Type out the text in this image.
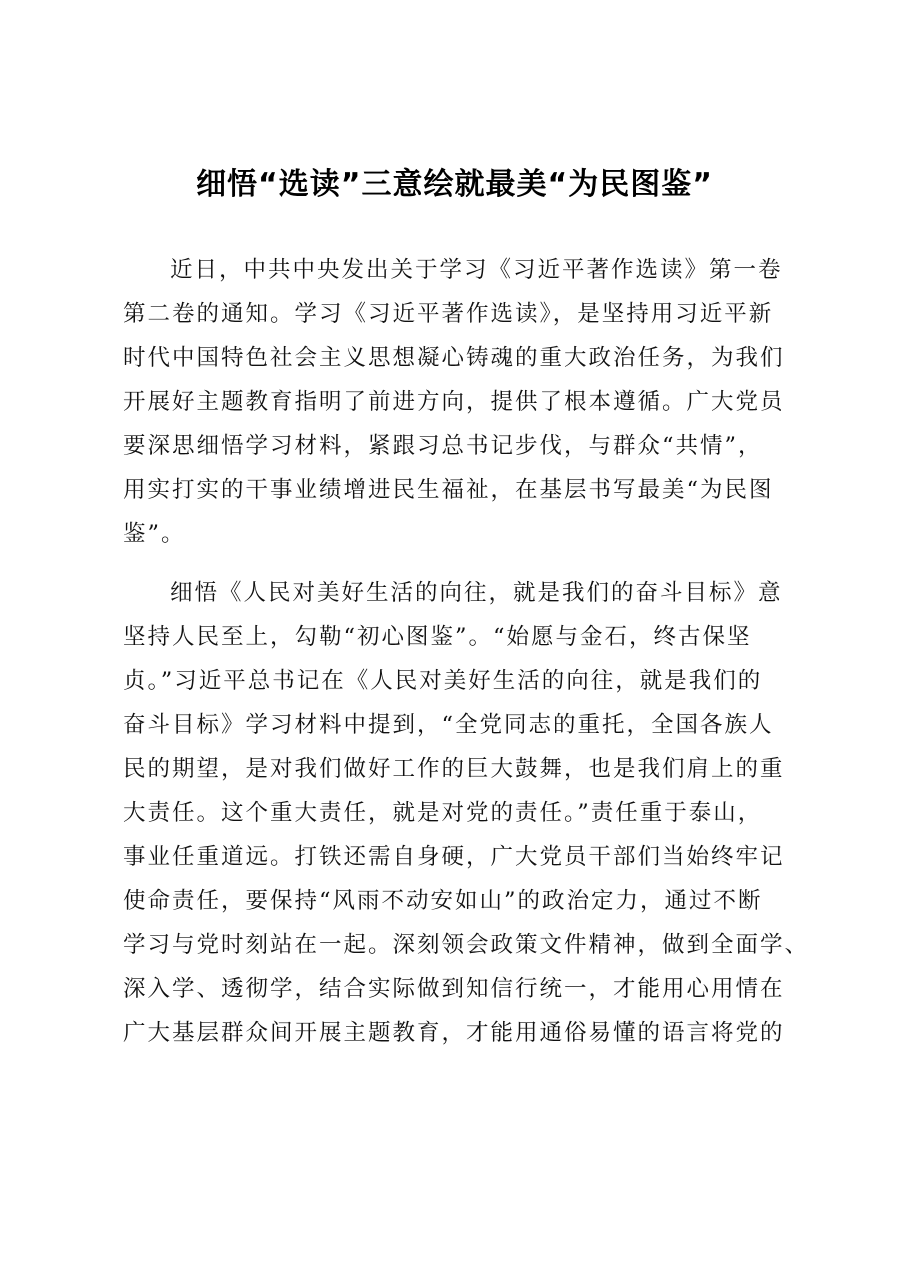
细悟“选读”三意绘就最美“为民图鉴”
近日，中共中央发出关于学习《习近平著作选读》第一卷
第二卷的通知。学习《习近平著作选读》，是坚持用习近平新
时代中国特色社会主义思想凝心铸魂的重大政治任务，为我们
开展好主题教育指明了前进方向，提供了根本遵循。广大党员
要深思细悟学习材料，紧跟习总书记步伐，与群众“共情”，
用实打实的干事业绩增进民生福祉，在基层书写最美“为民图
鉴”。
细悟《人民对美好生活的向往，就是我们的奋斗目标》意
坚持人民至上，勾勒“初心图鉴”。“始愿与金石，终古保坚
贞。”习近平总书记在《人民对美好生活的向往，就是我们的
奋斗目标》学习材料中提到，“全党同志的重托，全国各族人
民的期望，是对我们做好工作的巨大鼓舞，也是我们肩上的重
大责任。这个重大责任，就是对党的责任。”责任重于泰山，
事业任重道远。打铁还需自身硬，广大党员干部们当始终牢记
使命责任，要保持“风雨不动安如山”的政治定力，通过不断
学习与党时刻站在一起。深刻领会政策文件精神，做到全面学、
深入学、透彻学，结合实际做到知信行统一，才能用心用情在
广大基层群众间开展主题教育，才能用通俗易懂的语言将党的
